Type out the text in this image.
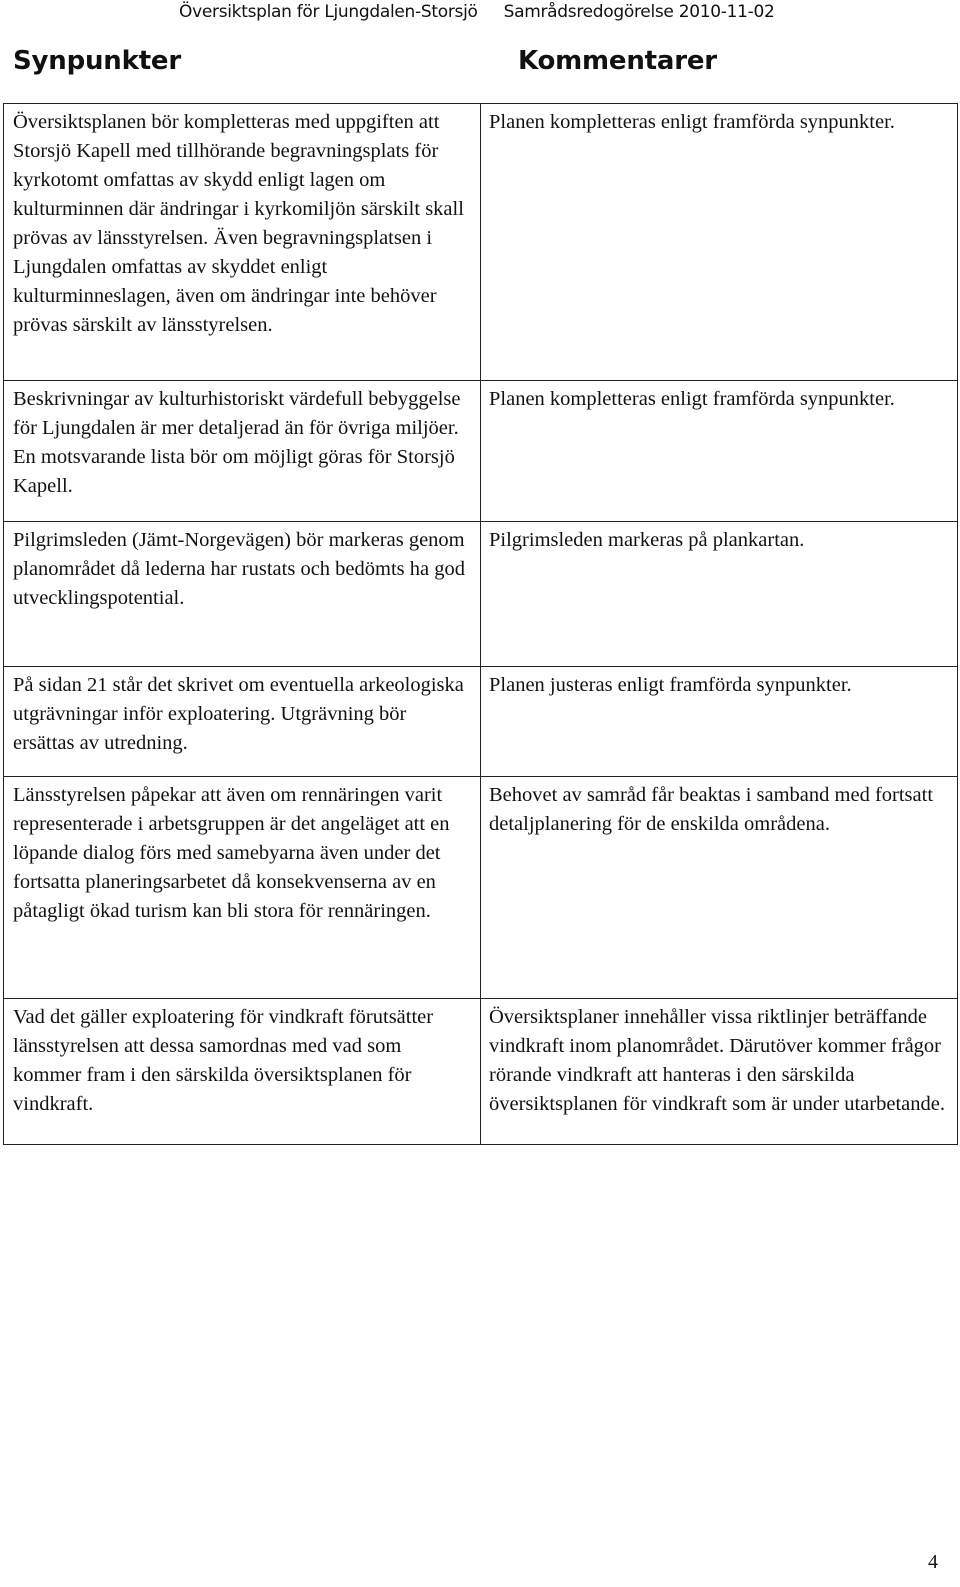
Översiktsplan för Ljungdalen-Storsjö Samrådsredogörelse 2010-11-02
Synpunkter	Kommentarer
Översiktsplanen bör kompletteras med uppgiften att Storsjö Kapell med tillhörande begravningsplats för kyrkotomt omfattas av skydd enligt lagen om kulturminnen där ändringar i kyrkomiljön särskilt skall prövas av länsstyrelsen. Även begravningsplatsen i Ljungdalen omfattas av skyddet enligt kulturminneslagen, även om ändringar inte behöver prövas särskilt av länsstyrelsen.	Planen kompletteras enligt framförda synpunkter.

Beskrivningar av kulturhistoriskt värdefull bebyggelse för Ljungdalen är mer detaljerad än för övriga miljöer. En motsvarande lista bör om möjligt göras för Storsjö Kapell.	Planen kompletteras enligt framförda synpunkter.

Pilgrimsleden (Jämt-Norgevägen) bör markeras genom planområdet då lederna har rustats och bedömts ha god utvecklingspotential.	Pilgrimsleden markeras på plankartan.

På sidan 21 står det skrivet om eventuella arkeologiska utgrävningar inför exploatering. Utgrävning bör ersättas av utredning.	Planen justeras enligt framförda synpunkter.

Länsstyrelsen påpekar att även om rennäringen varit representerade i arbetsgruppen är det angeläget att en löpande dialog förs med samebyarna även under det fortsatta planeringsarbetet då konsekvenserna av en påtagligt ökad turism kan bli stora för rennäringen.	Behovet av samråd får beaktas i samband med fortsatt detaljplanering för de enskilda områdena.

Vad det gäller exploatering för vindkraft förutsätter länsstyrelsen att dessa samordnas med vad som kommer fram i den särskilda översiktsplanen för vindkraft.	Översiktsplaner innehåller vissa riktlinjer beträffande vindkraft inom planområdet. Därutöver kommer frågor rörande vindkraft att hanteras i den särskilda översiktsplanen för vindkraft som är under utarbetande.
4
